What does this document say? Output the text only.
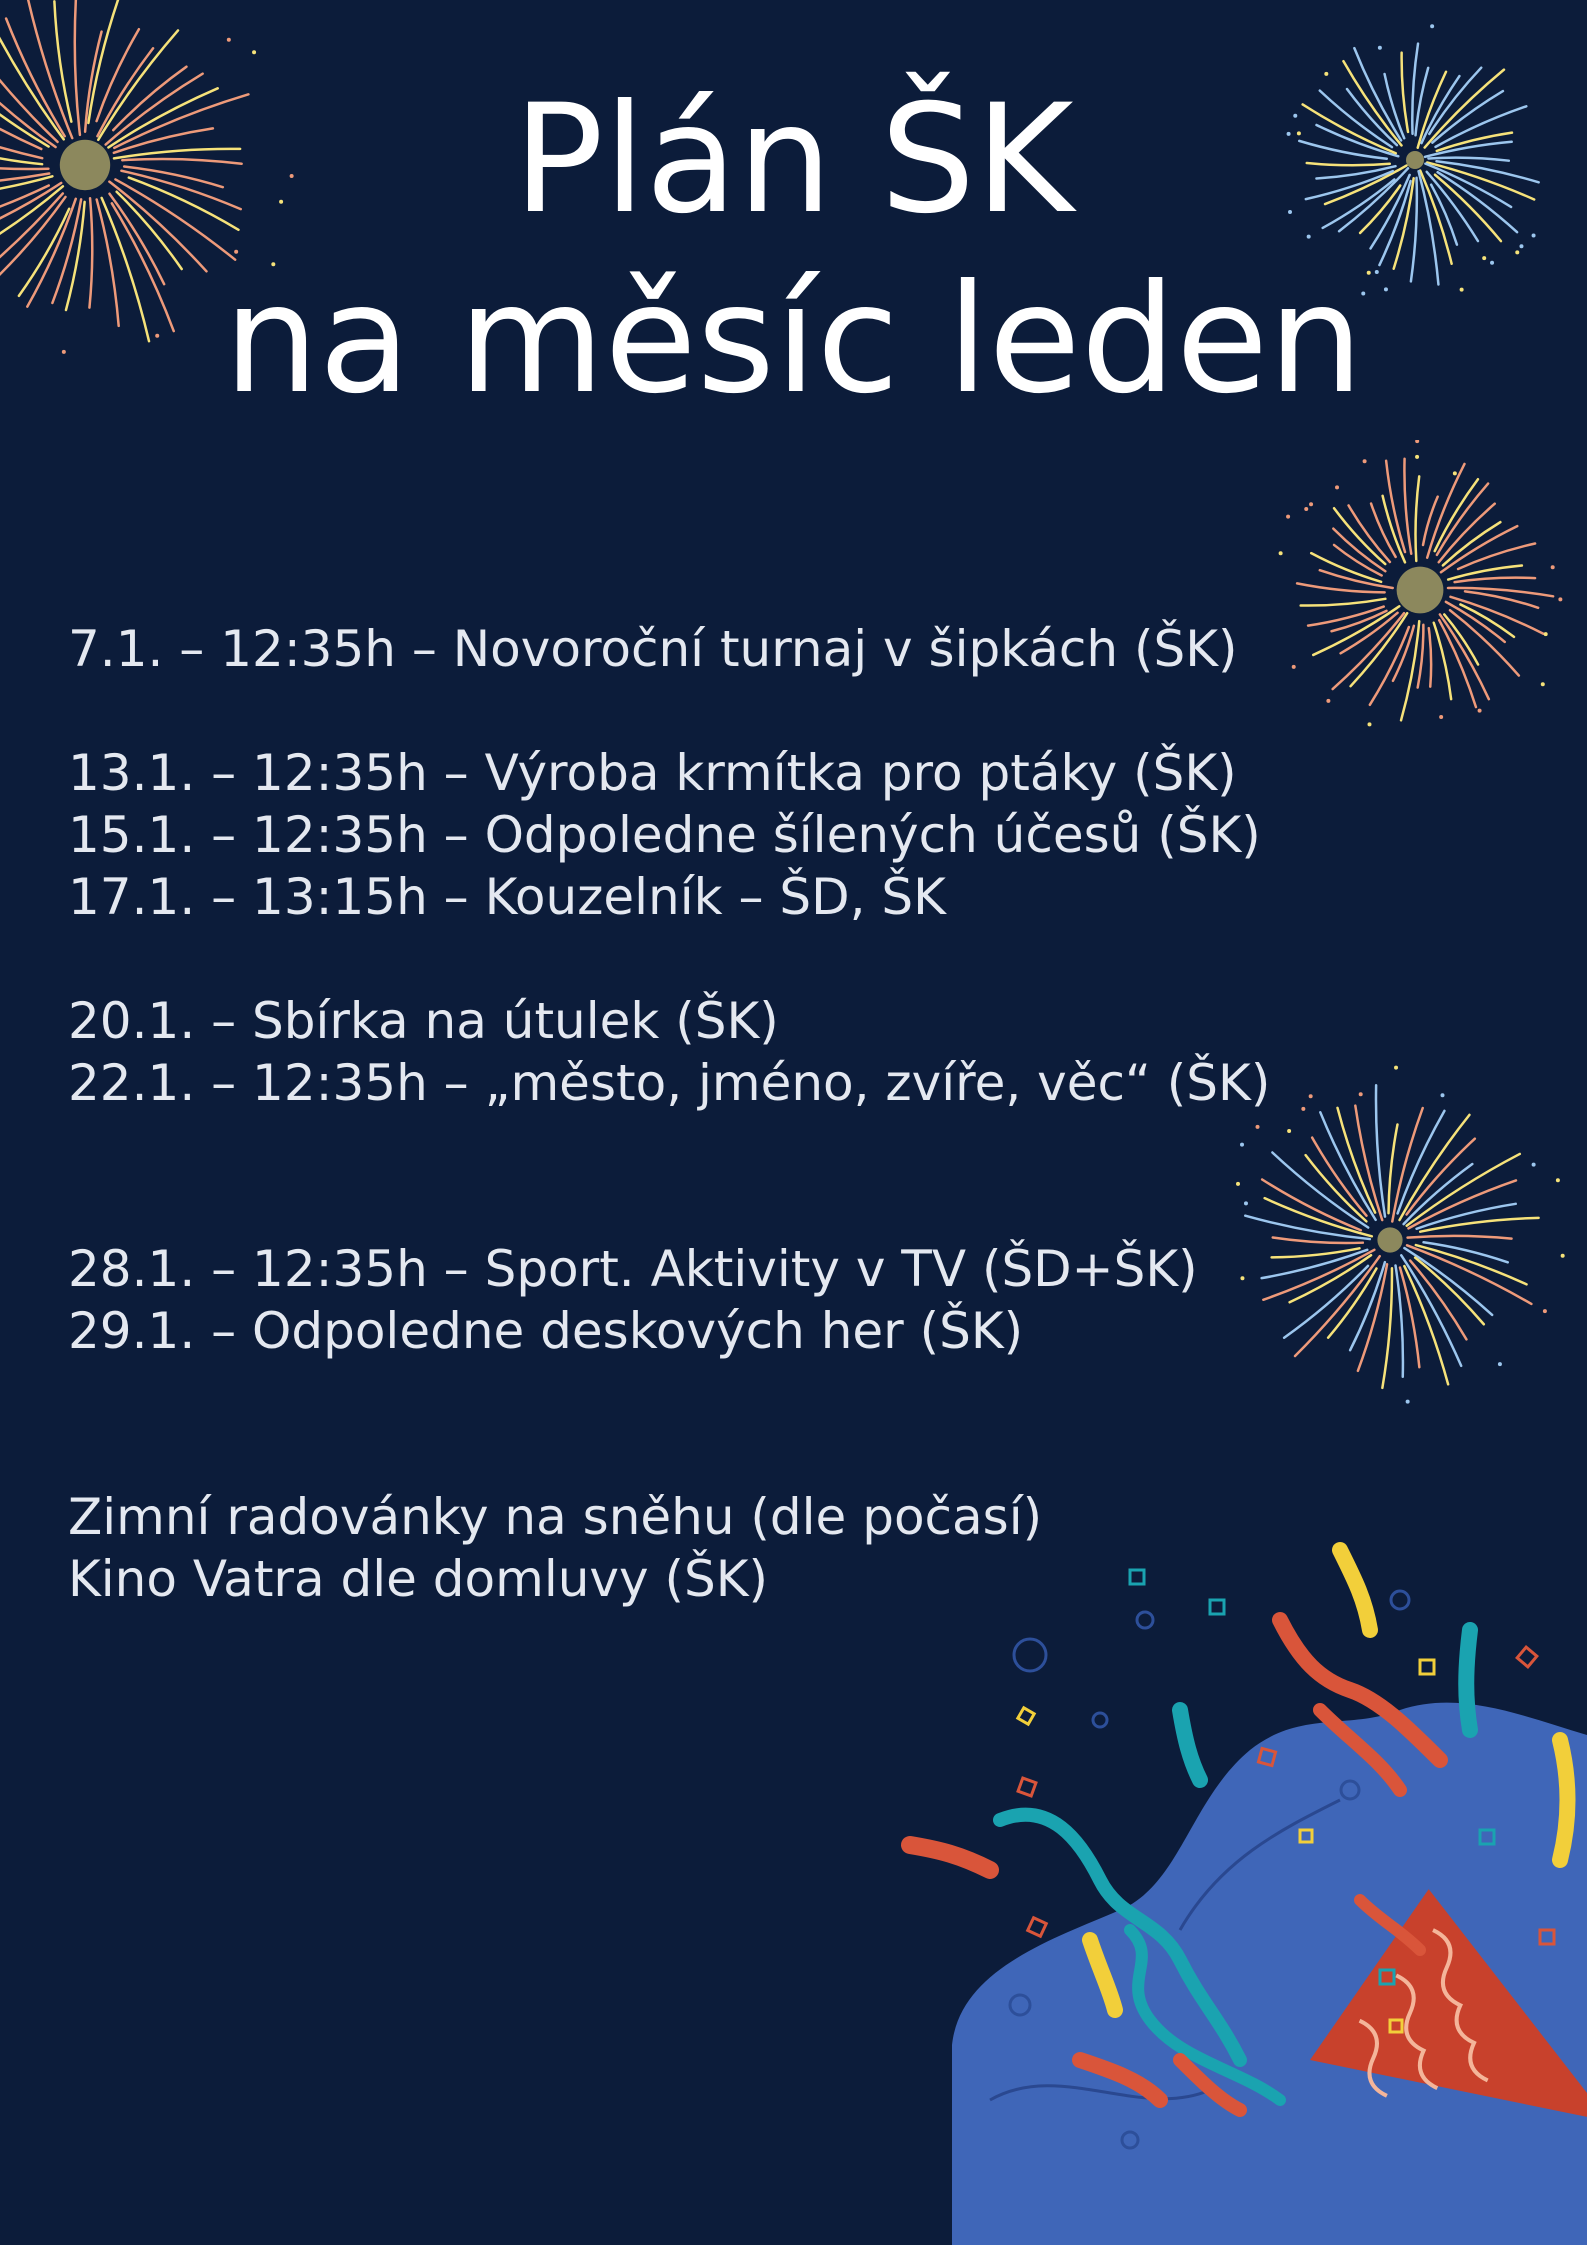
Plán ŠK
na měsíc leden
7.1. – 12:35h – Novoroční turnaj v šipkách (ŠK)
13.1. – 12:35h – Výroba krmítka pro ptáky (ŠK)
15.1. – 12:35h – Odpoledne šílených účesů (ŠK)
17.1. – 13:15h – Kouzelník – ŠD, ŠK
20.1. – Sbírka na útulek (ŠK)
22.1. – 12:35h – „město, jméno, zvíře, věc“ (ŠK)
28.1. – 12:35h – Sport. Aktivity v TV (ŠD+ŠK)
29.1. – Odpoledne deskových her (ŠK)
Zimní radovánky na sněhu (dle počasí)
Kino Vatra dle domluvy (ŠK)
